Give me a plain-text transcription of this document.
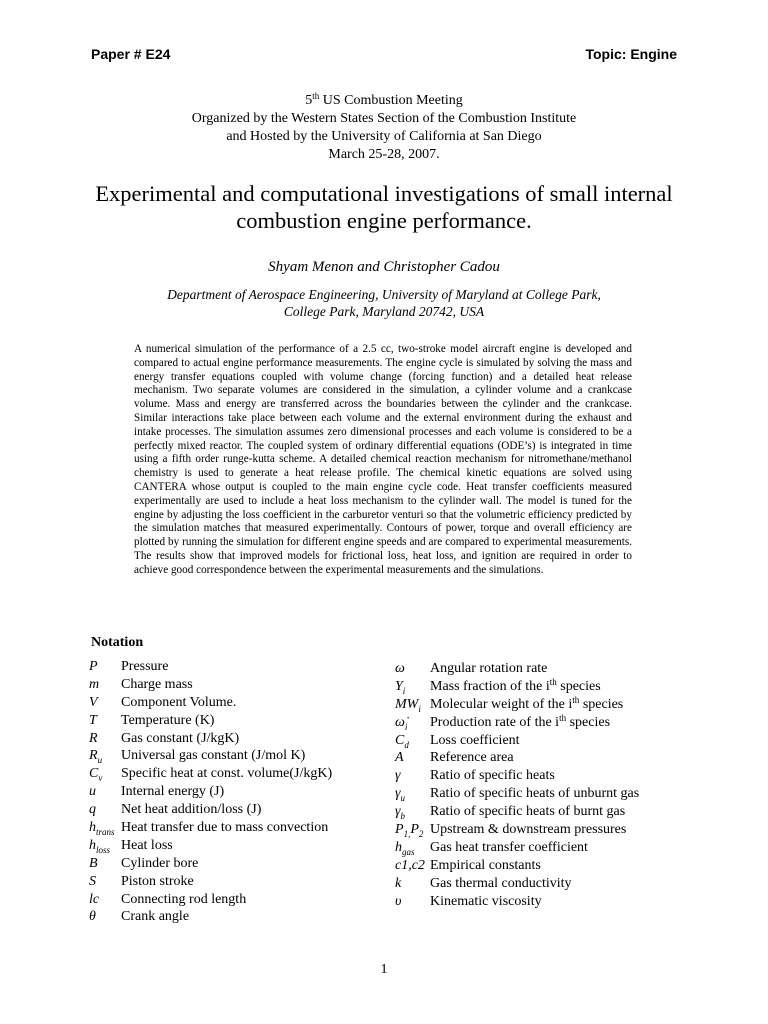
Paper # E24	Topic: Engine
5th US Combustion Meeting
Organized by the Western States Section of the Combustion Institute
and Hosted by the University of California at San Diego
March 25-28, 2007.
Experimental and computational investigations of small internal
combustion engine performance.
Shyam Menon and Christopher Cadou
Department of Aerospace Engineering, University of Maryland at College Park,
College Park, Maryland 20742, USA
A numerical simulation of the performance of a 2.5 cc, two-stroke model aircraft engine is developed and compared to actual engine performance measurements. The engine cycle is simulated by solving the mass and energy transfer equations coupled with volume change (forcing function) and a detailed heat release mechanism. Two separate volumes are considered in the simulation, a cylinder volume and a crankcase volume. Mass and energy are transferred across the boundaries between the cylinder and the crankcase. Similar interactions take place between each volume and the external environment during the exhaust and intake processes. The simulation assumes zero dimensional processes and each volume is considered to be a perfectly mixed reactor. The coupled system of ordinary differential equations (ODE’s) is integrated in time using a fifth order runge-kutta scheme. A detailed chemical reaction mechanism for nitromethane/methanol chemistry is used to generate a heat release profile. The chemical kinetic equations are solved using CANTERA whose output is coupled to the main engine cycle code. Heat transfer coefficients measured experimentally are used to include a heat loss mechanism to the cylinder wall. The model is tuned for the engine by adjusting the loss coefficient in the carburetor venturi so that the volumetric efficiency predicted by the simulation matches that measured experimentally. Contours of power, torque and overall efficiency are plotted by running the simulation for different engine speeds and are compared to experimental measurements. The results show that improved models for frictional loss, heat loss, and ignition are required in order to achieve good correspondence between the experimental measurements and the simulations.
Notation
P	Pressure
m	Charge mass
V	Component Volume.
T	Temperature (K)
R	Gas constant (J/kgK)
$R_u$	Universal gas constant (J/mol K)
$C_v$	Specific heat at const. volume(J/kgK)
u	Internal energy (J)
q	Net heat addition/loss (J)
$h_{trans}$ Heat transfer due to mass convection
$h_{loss}$ Heat loss
B	Cylinder bore
S	Piston stroke
lc	Connecting rod length
θ	Crank angle
ω	Angular rotation rate
$Y_i$	Mass fraction of the $i^{th}$ species
$MW_i$ Molecular weight of the $i^{th}$ species
$\omegȧ_i$	Production rate of the $i^{th}$ species
$C_d$	Loss coefficient
A	Reference area
γ	Ratio of specific heats
$\gamma_u$	Ratio of specific heats of unburnt gas
$\gamma_b$	Ratio of specific heats of burnt gas
$P_{1,}P_2$ Upstream & downstream pressures
$h_{gas}$	Gas heat transfer coefficient
c1,c2 Empirical constants
k	Gas thermal conductivity
υ	Kinematic viscosity
1
